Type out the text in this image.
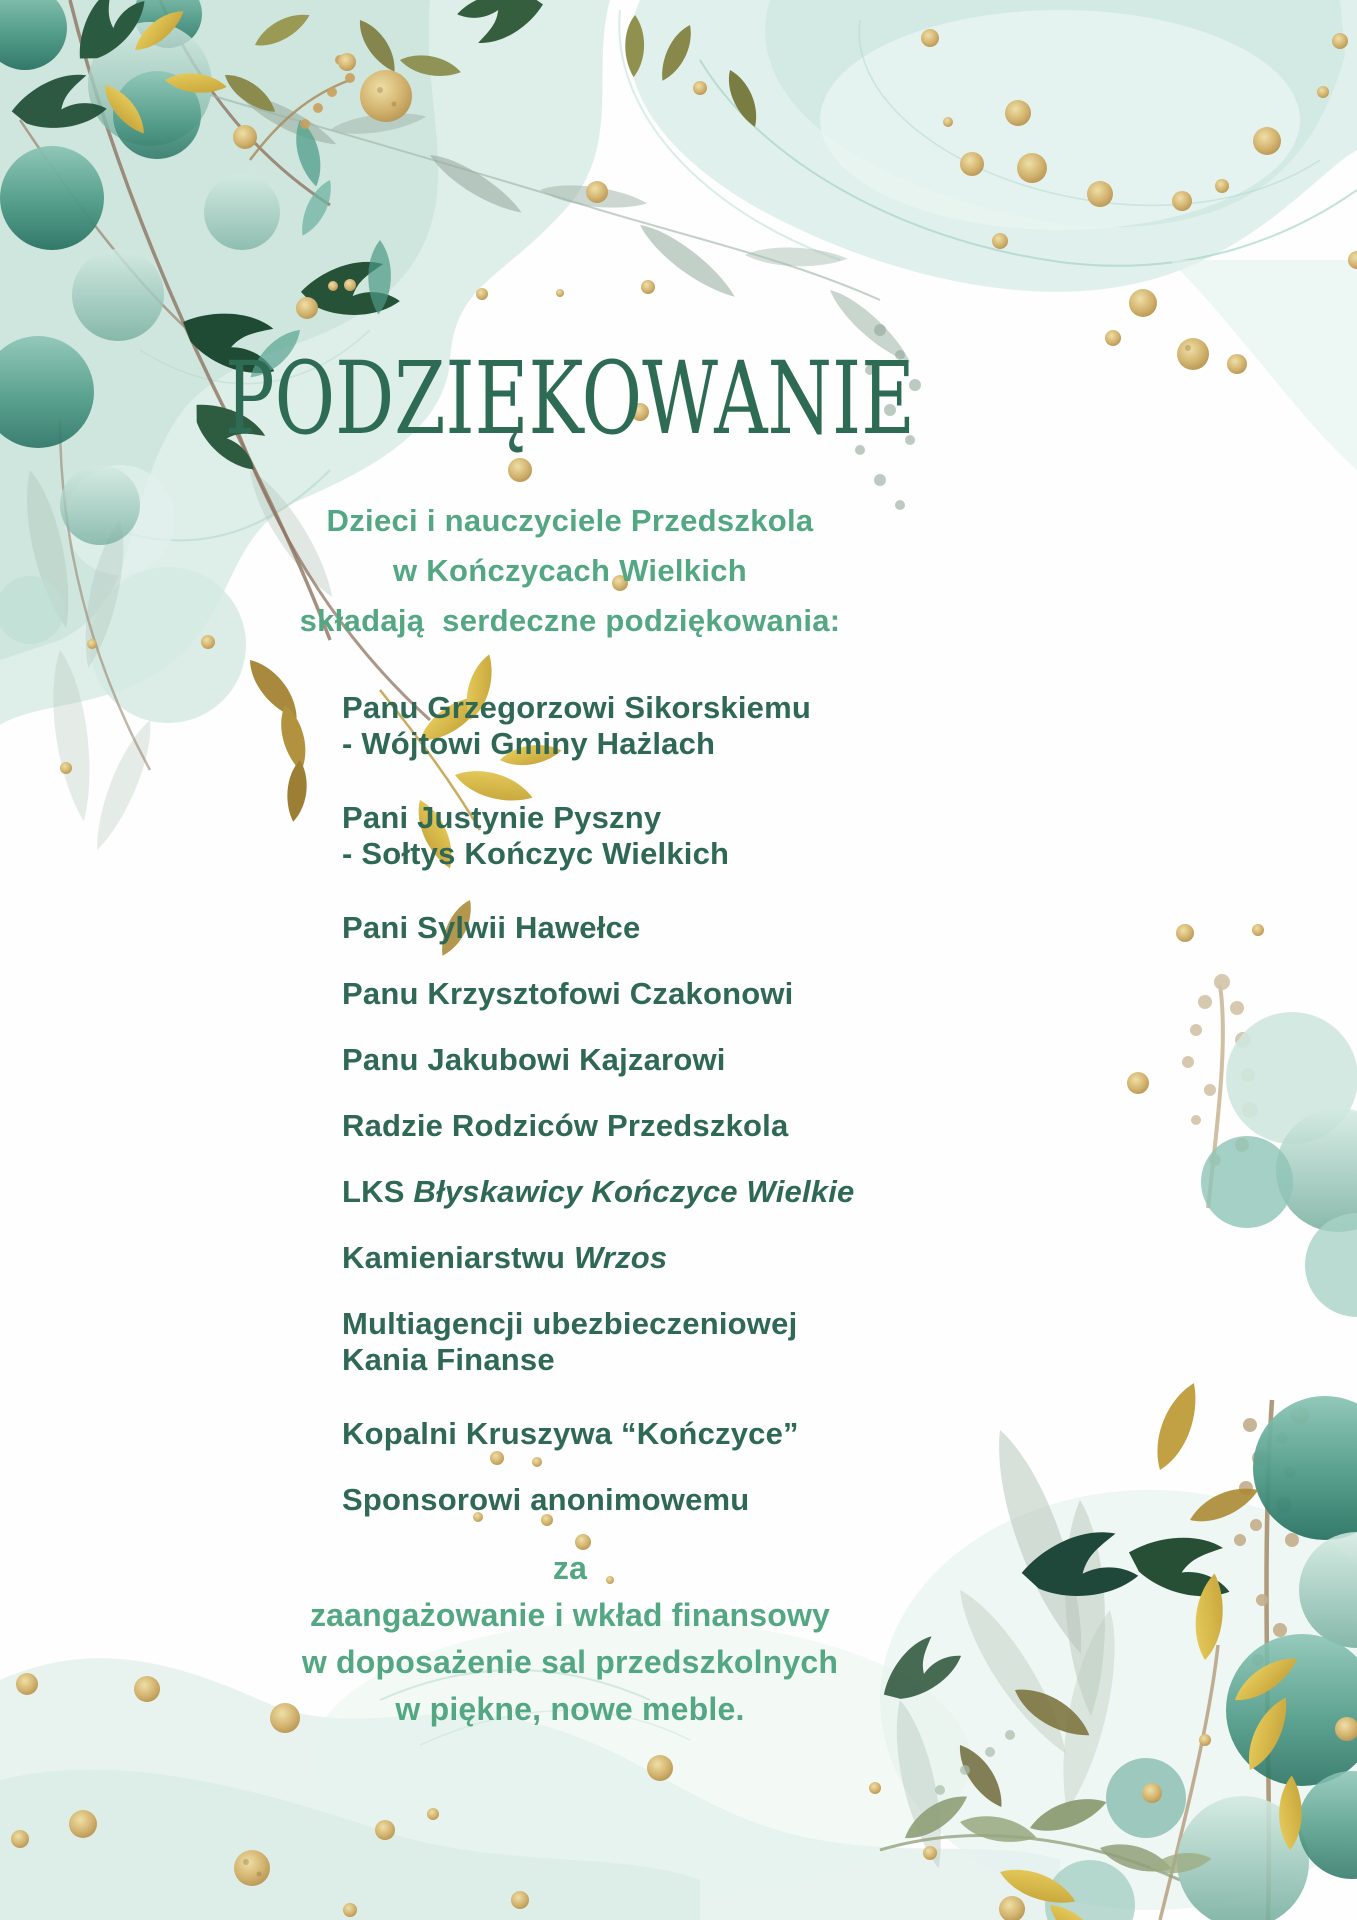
PODZIĘKOWANIE
Dzieci i nauczyciele Przedszkola
w Kończycach Wielkich
składają  serdeczne podziękowania:
Panu Grzegorzowi Sikorskiemu
- Wójtowi Gminy Hażlach
Pani Justynie Pyszny
- Sołtys Kończyc Wielkich
Pani Sylwii Hawełce
Panu Krzysztofowi Czakonowi
Panu Jakubowi Kajzarowi
Radzie Rodziców Przedszkola
LKS Błyskawicy Kończyce Wielkie
Kamieniarstwu Wrzos
Multiagencji ubezbieczeniowej
Kania Finanse
Kopalni Kruszywa “Kończyce”
Sponsorowi anonimowemu
za
zaangażowanie i wkład finansowy
w doposażenie sal przedszkolnych
w piękne, nowe meble.
